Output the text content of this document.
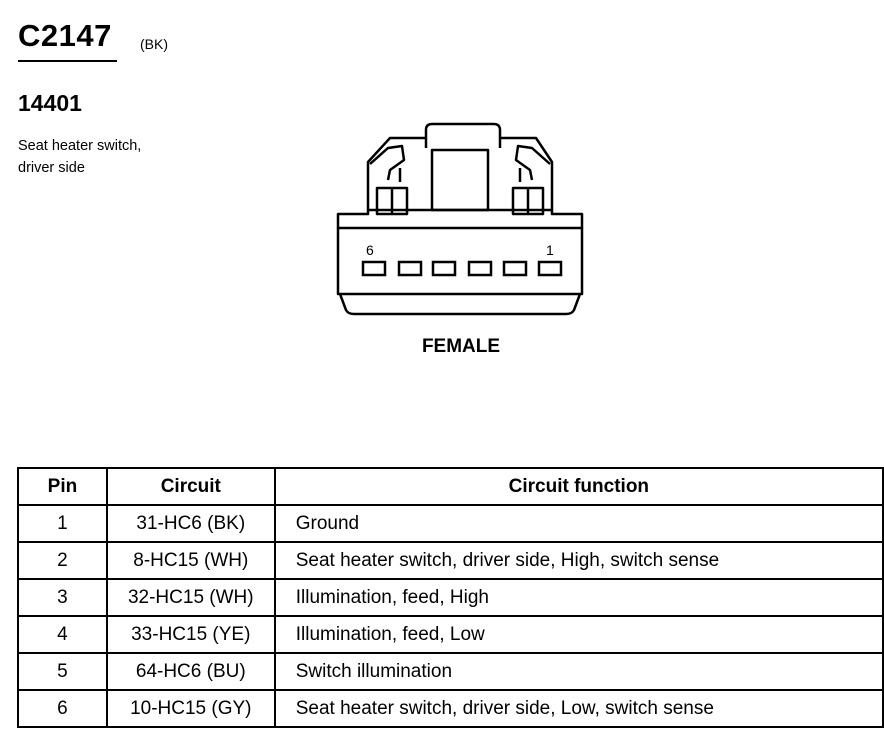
C2147 (BK)
14401
Seat heater switch,
driver side
6	1
FEMALE
Pin	Circuit	Circuit function
1	31-HC6 (BK)	Ground
2	8-HC15 (WH)	Seat heater switch, driver side, High, switch sense
3	32-HC15 (WH)	Illumination, feed, High
4	33-HC15 (YE)	Illumination, feed, Low
5	64-HC6 (BU)	Switch illumination
6	10-HC15 (GY)	Seat heater switch, driver side, Low, switch sense
